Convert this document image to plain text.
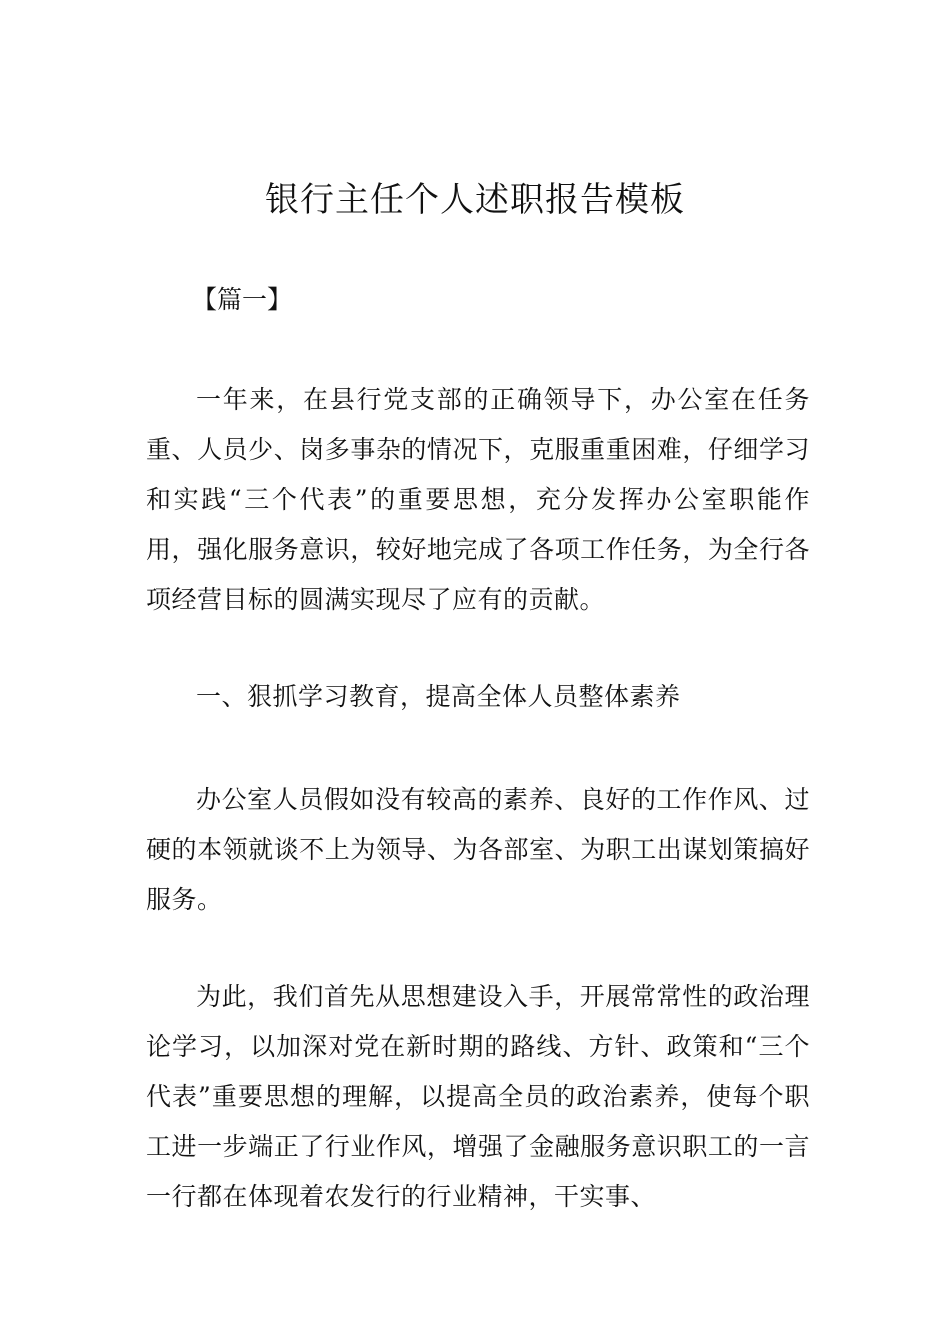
银行主任个人述职报告模板

【篇一】

一年来，在县行党支部的正确领导下，办公室在任务重、人员少、岗多事杂的情况下，克服重重困难，仔细学习和实践“三个代表”的重要思想，充分发挥办公室职能作用，强化服务意识，较好地完成了各项工作任务，为全行各项经营目标的圆满实现尽了应有的贡献。

一、狠抓学习教育，提高全体人员整体素养

办公室人员假如没有较高的素养、良好的工作作风、过硬的本领就谈不上为领导、为各部室、为职工出谋划策搞好服务。

为此，我们首先从思想建设入手，开展常常性的政治理论学习，以加深对党在新时期的路线、方针、政策和“三个代表”重要思想的理解，以提高全员的政治素养，使每个职工进一步端正了行业作风，增强了金融服务意识职工的一言一行都在体现着农发行的行业精神，干实事、
